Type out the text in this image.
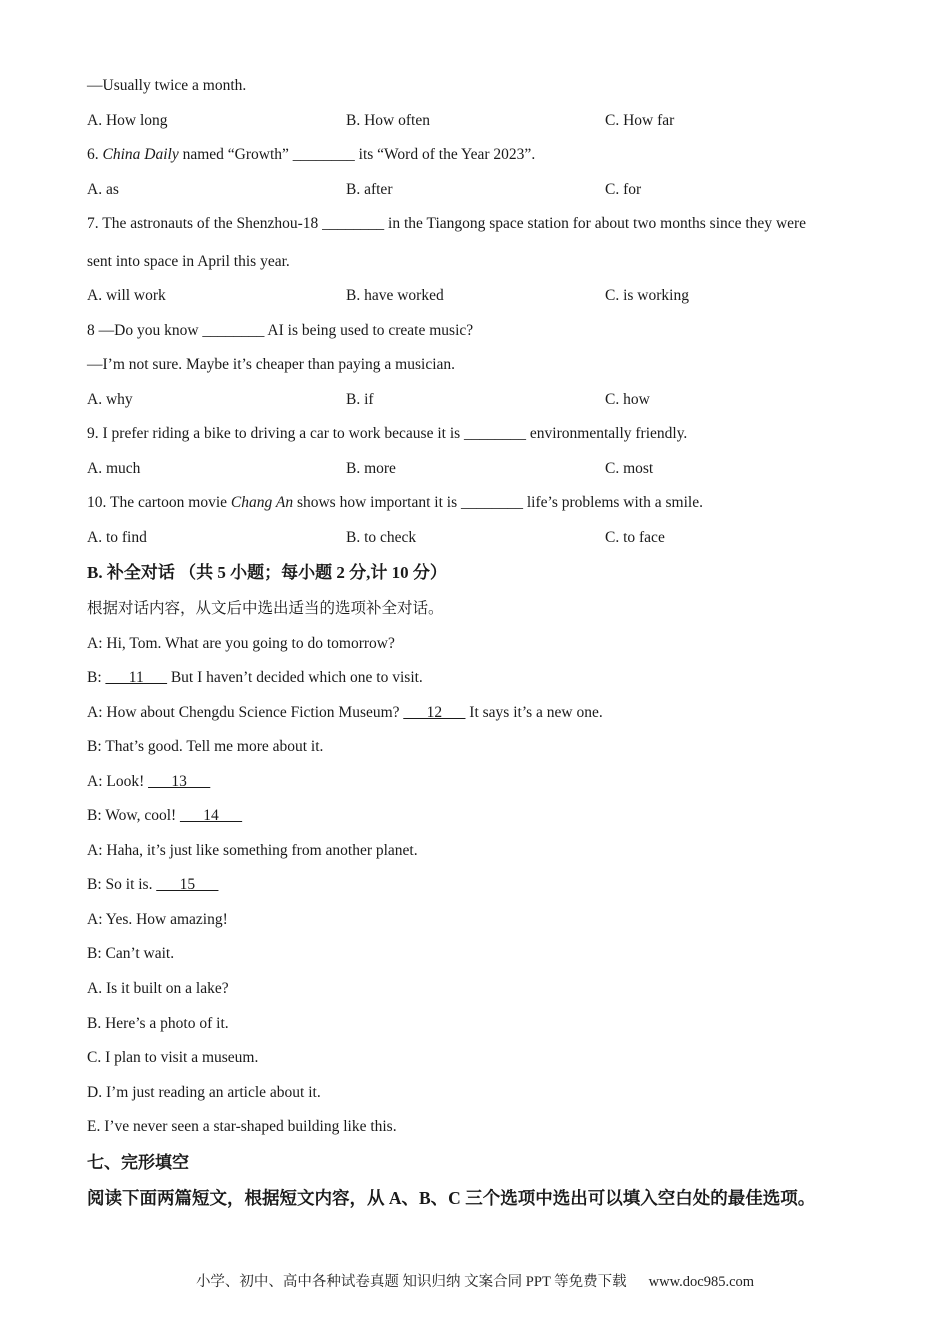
—Usually twice a month.
A. How long	B. How often	C. How far
6. China Daily named “Growth” ________ its “Word of the Year 2023”.
A. as	B. after	C. for
7. The astronauts of the Shenzhou-18 ________ in the Tiangong space station for about two months since they were
sent into space in April this year.
A. will work	B. have worked	C. is working
8 —Do you know ________ AI is being used to create music?
—I’m not sure. Maybe it’s cheaper than paying a musician.
A. why	B. if	C. how
9. I prefer riding a bike to driving a car to work because it is ________ environmentally friendly.
A. much	B. more	C. most
10. The cartoon movie Chang An shows how important it is ________ life’s problems with a smile.
A. to find	B. to check	C. to face
B. 补全对话 （共 5 小题；每小题 2 分,计 10 分）
根据对话内容，从文后中选出适当的选项补全对话。
A: Hi, Tom. What are you going to do tomorrow?
B: ___11___ But I haven’t decided which one to visit.
A: How about Chengdu Science Fiction Museum? ___12___ It says it’s a new one.
B: That’s good. Tell me more about it.
A: Look! ___13___
B: Wow, cool! ___14___
A: Haha, it’s just like something from another planet.
B: So it is. ___15___
A: Yes. How amazing!
B: Can’t wait.
A. Is it built on a lake?
B. Here’s a photo of it.
C. I plan to visit a museum.
D. I’m just reading an article about it.
E. I’ve never seen a star-shaped building like this.
七、完形填空
阅读下面两篇短文，根据短文内容，从 A、B、C 三个选项中选出可以填入空白处的最佳选项。
小学、初中、高中各种试卷真题 知识归纳 文案合同 PPT 等免费下载 www.doc985.com
